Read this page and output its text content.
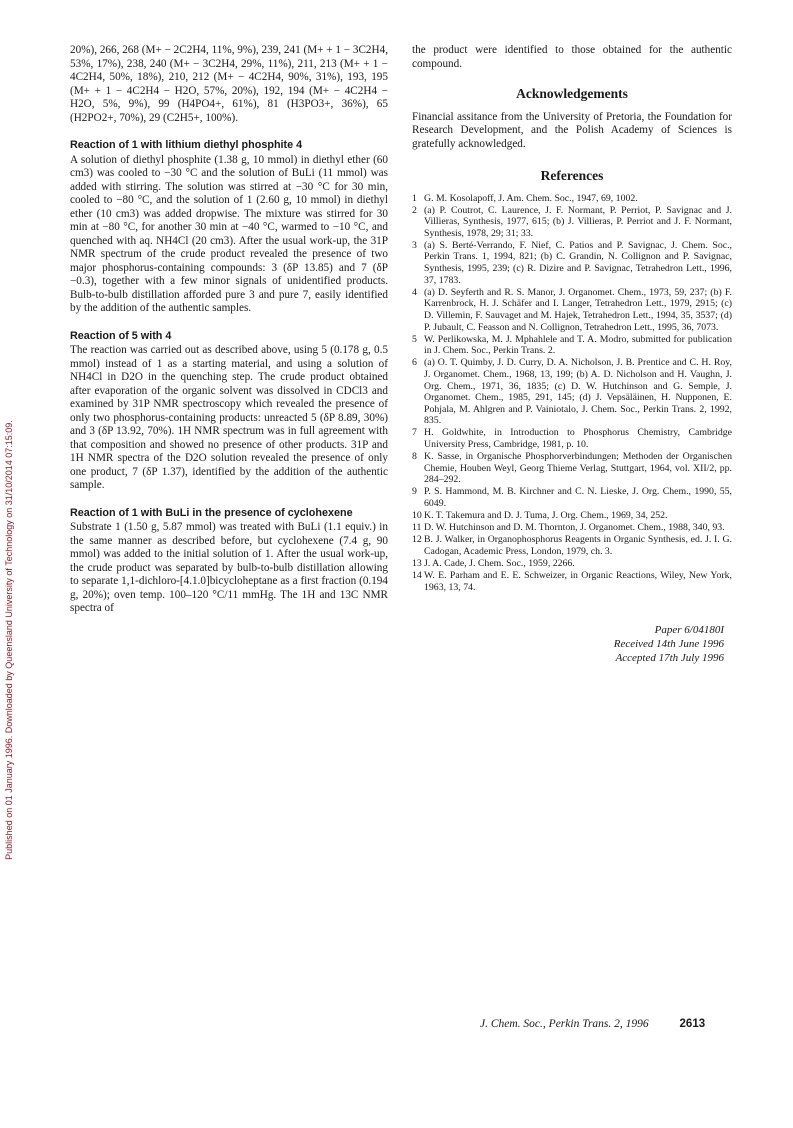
Published on 01 January 1996. Downloaded by Queensland University of Technology on 31/10/2014 07:15:09.

20%), 266, 268 (M+ − 2C2H4, 11%, 9%), 239, 241 (M+ + 1 − 3C2H4, 53%, 17%), 238, 240 (M+ − 3C2H4, 29%, 11%), 211, 213 (M+ + 1 − 4C2H4, 50%, 18%), 210, 212 (M+ − 4C2H4, 90%, 31%), 193, 195 (M+ + 1 − 4C2H4 − H2O, 57%, 20%), 192, 194 (M+ − 4C2H4 − H2O, 5%, 9%), 99 (H4PO4+, 61%), 81 (H3PO3+, 36%), 65 (H2PO2+, 70%), 29 (C2H5+, 100%).

Reaction of 1 with lithium diethyl phosphite 4

A solution of diethyl phosphite (1.38 g, 10 mmol) in diethyl ether (60 cm3) was cooled to −30 °C and the solution of BuLi (11 mmol) was added with stirring. The solution was stirred at −30 °C for 30 min, cooled to −80 °C, and the solution of 1 (2.60 g, 10 mmol) in diethyl ether (10 cm3) was added dropwise. The mixture was stirred for 30 min at −80 °C, for another 30 min at −40 °C, warmed to −10 °C, and quenched with aq. NH4Cl (20 cm3). After the usual work-up, the 31P NMR spectrum of the crude product revealed the presence of two major phosphorus-containing compounds: 3 (δP 13.85) and 7 (δP −0.3), together with a few minor signals of unidentified products. Bulb-to-bulb distillation afforded pure 3 and pure 7, easily identified by the addition of the authentic samples.

Reaction of 5 with 4

The reaction was carried out as described above, using 5 (0.178 g, 0.5 mmol) instead of 1 as a starting material, and using a solution of NH4Cl in D2O in the quenching step. The crude product obtained after evaporation of the organic solvent was dissolved in CDCl3 and examined by 31P NMR spectroscopy which revealed the presence of only two phosphorus-containing products: unreacted 5 (δP 8.89, 30%) and 3 (δP 13.92, 70%). 1H NMR spectrum was in full agreement with that composition and showed no presence of other products. 31P and 1H NMR spectra of the D2O solution revealed the presence of only one product, 7 (δP 1.37), identified by the addition of the authentic sample.

Reaction of 1 with BuLi in the presence of cyclohexene

Substrate 1 (1.50 g, 5.87 mmol) was treated with BuLi (1.1 equiv.) in the same manner as described before, but cyclohexene (7.4 g, 90 mmol) was added to the initial solution of 1. After the usual work-up, the crude product was separated by bulb-to-bulb distillation allowing to separate 1,1-dichloro-[4.1.0]bicycloheptane as a first fraction (0.194 g, 20%); oven temp. 100–120 °C/11 mmHg. The 1H and 13C NMR spectra of

the product were identified to those obtained for the authentic compound.

Acknowledgements

Financial assitance from the University of Pretoria, the Foundation for Research Development, and the Polish Academy of Sciences is gratefully acknowledged.

References
1 G. M. Kosolapoff, J. Am. Chem. Soc., 1947, 69, 1002.
2 (a) P. Coutrot, C. Laurence, J. F. Normant, P. Perriot, P. Savignac and J. Villieras, Synthesis, 1977, 615; (b) J. Villieras, P. Perriot and J. F. Normant, Synthesis, 1978, 29; 31; 33.
3 (a) S. Berté-Verrando, F. Nief, C. Patios and P. Savignac, J. Chem. Soc., Perkin Trans. 1, 1994, 821; (b) C. Grandin, N. Collignon and P. Savignac, Synthesis, 1995, 239; (c) R. Dizire and P. Savignac, Tetrahedron Lett., 1996, 37, 1783.
4 (a) D. Seyferth and R. S. Manor, J. Organomet. Chem., 1973, 59, 237; (b) F. Karrenbrock, H. J. Schäfer and I. Langer, Tetrahedron Lett., 1979, 2915; (c) D. Villemin, F. Sauvaget and M. Hajek, Tetrahedron Lett., 1994, 35, 3537; (d) P. Jubault, C. Feasson and N. Collignon, Tetrahedron Lett., 1995, 36, 7073.
5 W. Perlikowska, M. J. Mphahlele and T. A. Modro, submitted for publication in J. Chem. Soc., Perkin Trans. 2.
6 (a) O. T. Quimby, J. D. Curry, D. A. Nicholson, J. B. Prentice and C. H. Roy, J. Organomet. Chem., 1968, 13, 199; (b) A. D. Nicholson and H. Vaughn, J. Org. Chem., 1971, 36, 1835; (c) D. W. Hutchinson and G. Semple, J. Organomet. Chem., 1985, 291, 145; (d) J. Vepsäläinen, H. Nupponen, E. Pohjala, M. Ahlgren and P. Vainiotalo, J. Chem. Soc., Perkin Trans. 2, 1992, 835.
7 H. Goldwhite, in Introduction to Phosphorus Chemistry, Cambridge University Press, Cambridge, 1981, p. 10.
8 K. Sasse, in Organische Phosphorverbindungen; Methoden der Organischen Chemie, Houben Weyl, Georg Thieme Verlag, Stuttgart, 1964, vol. XII/2, pp. 284–292.
9 P. S. Hammond, M. B. Kirchner and C. N. Lieske, J. Org. Chem., 1990, 55, 6049.
10 K. T. Takemura and D. J. Tuma, J. Org. Chem., 1969, 34, 252.
11 D. W. Hutchinson and D. M. Thornton, J. Organomet. Chem., 1988, 340, 93.
12 B. J. Walker, in Organophosphorus Reagents in Organic Synthesis, ed. J. I. G. Cadogan, Academic Press, London, 1979, ch. 3.
13 J. A. Cade, J. Chem. Soc., 1959, 2266.
14 W. E. Parham and E. E. Schweizer, in Organic Reactions, Wiley, New York, 1963, 13, 74.
Paper 6/04180I
Received 14th June 1996
Accepted 17th July 1996
J. Chem. Soc., Perkin Trans. 2, 1996	2613
